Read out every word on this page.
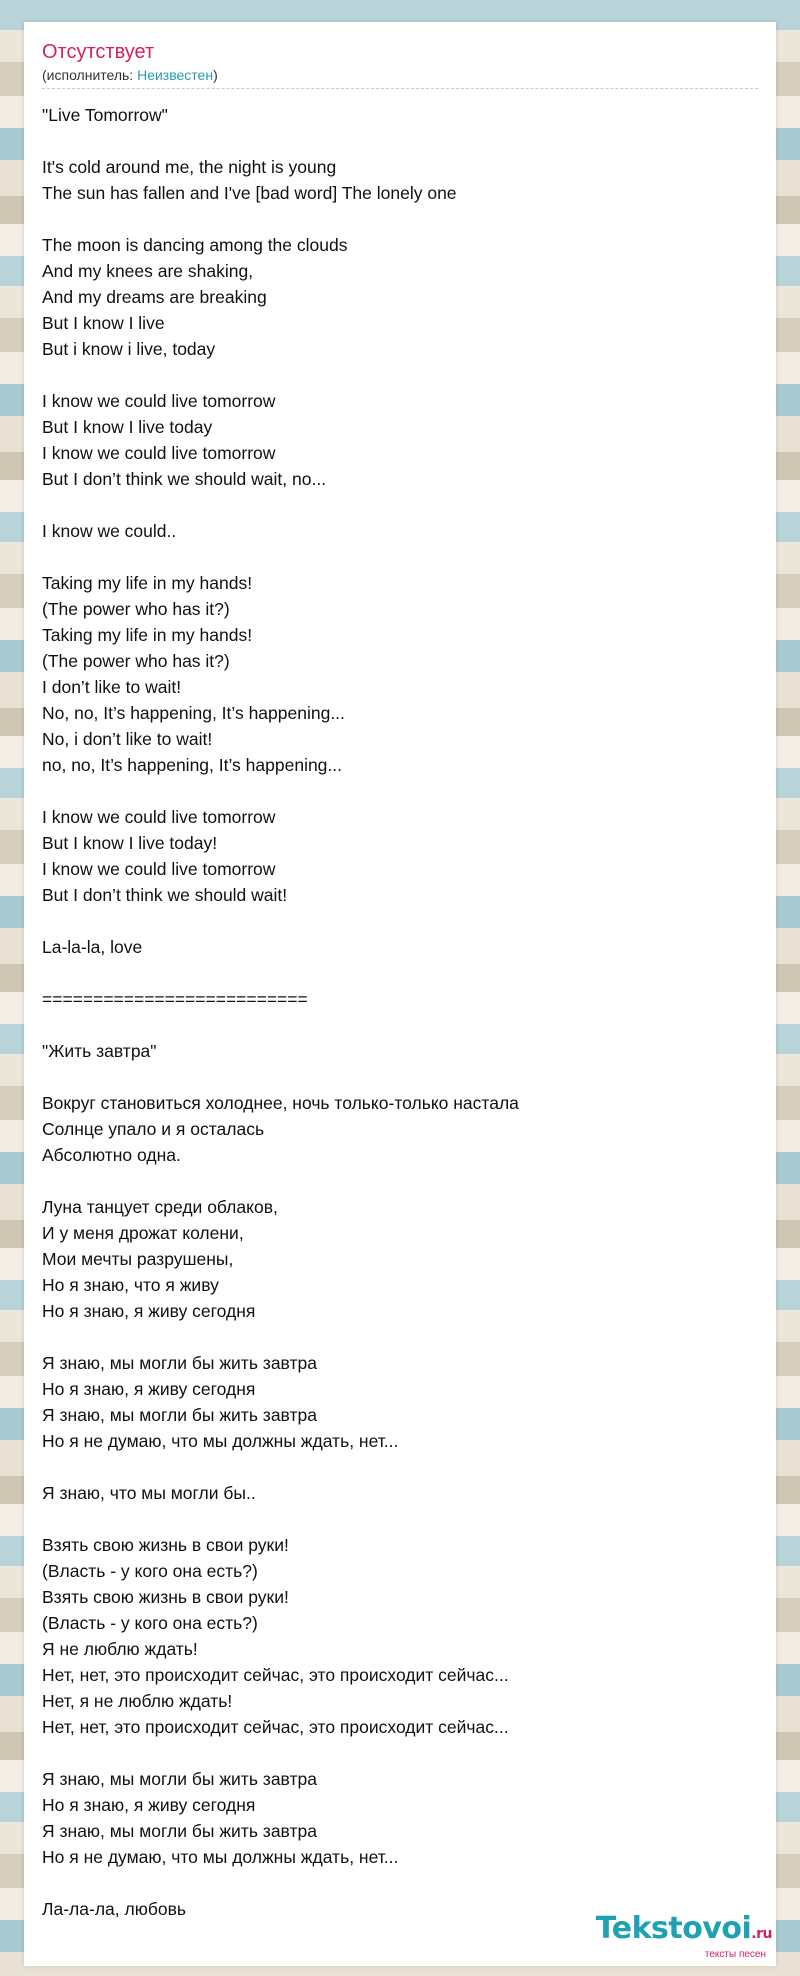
Отсутствует
(исполнитель: Неизвестен)
"Live Tomorrow"
It's cold around me, the night is young
The sun has fallen and I've [bad word] The lonely one
The moon is dancing among the clouds
And my knees are shaking,
And my dreams are breaking
But I know I live
But i know i live, today
I know we could live tomorrow
But I know I live today
I know we could live tomorrow
But I don’t think we should wait, no...
I know we could..
Taking my life in my hands!
(The power who has it?)
Taking my life in my hands!
(The power who has it?)
I don’t like to wait!
No, no, It’s happening, It’s happening...
No, i don’t like to wait!
no, no, It’s happening, It’s happening...
I know we could live tomorrow
But I know I live today!
I know we could live tomorrow
But I don’t think we should wait!
La-la-la, love
==========================
"Жить завтра"
Вокруг становиться холоднее, ночь только-только настала
Солнце упало и я осталась
Абсолютно одна.
Луна танцует среди облаков,
И у меня дрожат колени,
Мои мечты разрушены,
Но я знаю, что я живу
Но я знаю, я живу сегодня
Я знаю, мы могли бы жить завтра
Но я знаю, я живу сегодня
Я знаю, мы могли бы жить завтра
Но я не думаю, что мы должны ждать, нет...
Я знаю, что мы могли бы..
Взять свою жизнь в свои руки!
(Власть - у кого она есть?)
Взять свою жизнь в свои руки!
(Власть - у кого она есть?)
Я не люблю ждать!
Нет, нет, это происходит сейчас, это происходит сейчас...
Нет, я не люблю ждать!
Нет, нет, это происходит сейчас, это происходит сейчас...
Я знаю, мы могли бы жить завтра
Но я знаю, я живу сегодня
Я знаю, мы могли бы жить завтра
Но я не думаю, что мы должны ждать, нет...
Ла-ла-ла, любовь
Tekstovoi.ru
тексты песен
